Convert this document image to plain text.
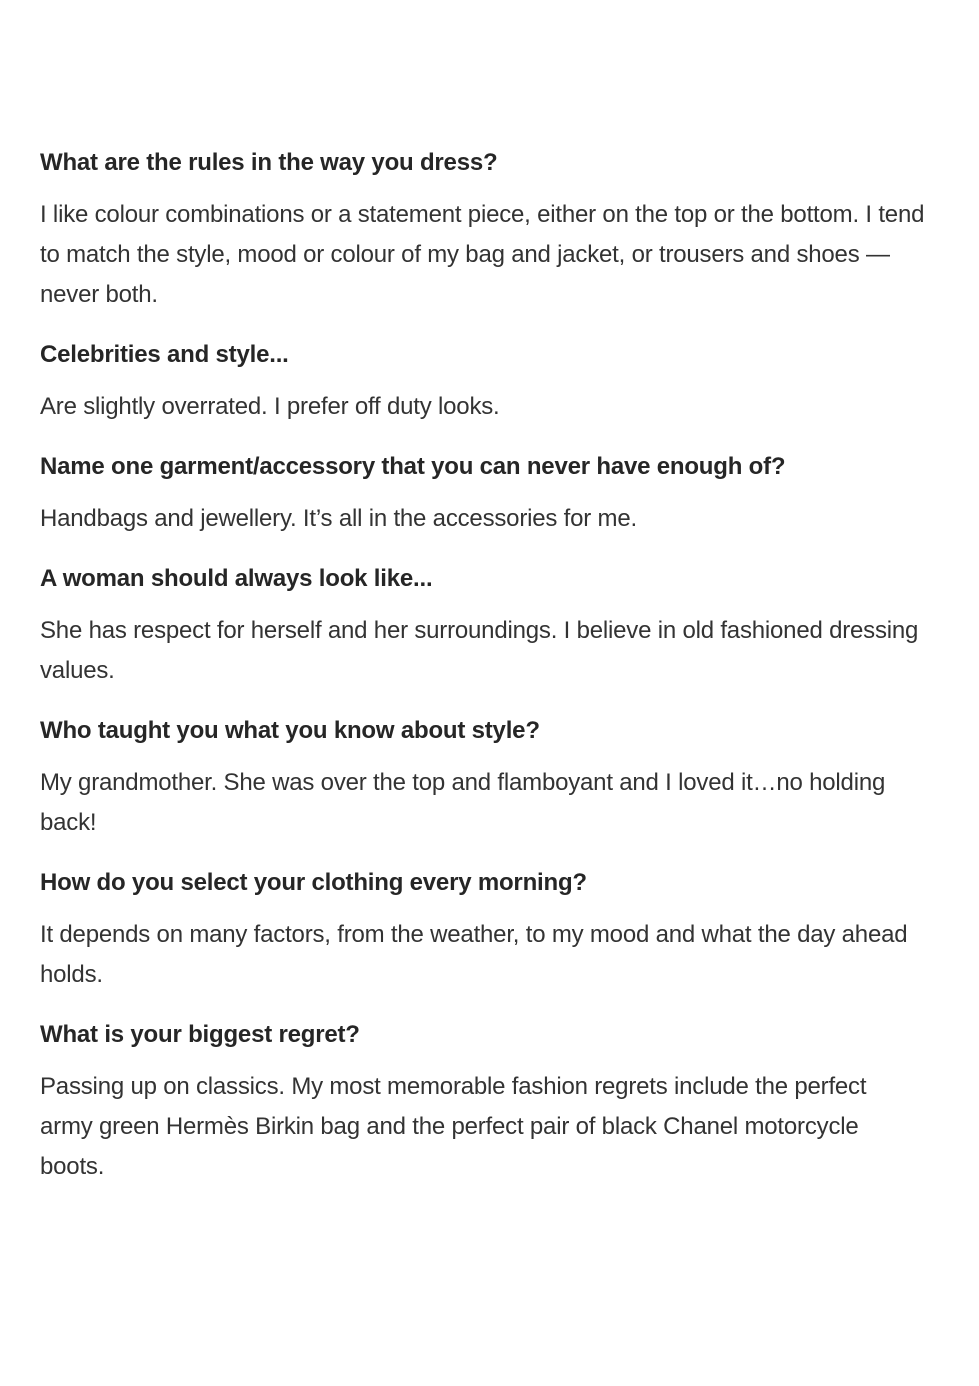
What are the rules in the way you dress?

I like colour combinations or a statement piece, either on the top or the bottom. I tend to match the style, mood or colour of my bag and jacket, or trousers and shoes — never both.

Celebrities and style...

Are slightly overrated. I prefer off duty looks.

Name one garment/accessory that you can never have enough of?

Handbags and jewellery. It’s all in the accessories for me.

A woman should always look like...

She has respect for herself and her surroundings. I believe in old fashioned dressing values.

Who taught you what you know about style?

My grandmother. She was over the top and flamboyant and I loved it…no holding back!

How do you select your clothing every morning?

It depends on many factors, from the weather, to my mood and what the day ahead holds.

What is your biggest regret?

Passing up on classics. My most memorable fashion regrets include the perfect army green Hermès Birkin bag and the perfect pair of black Chanel motorcycle boots.
